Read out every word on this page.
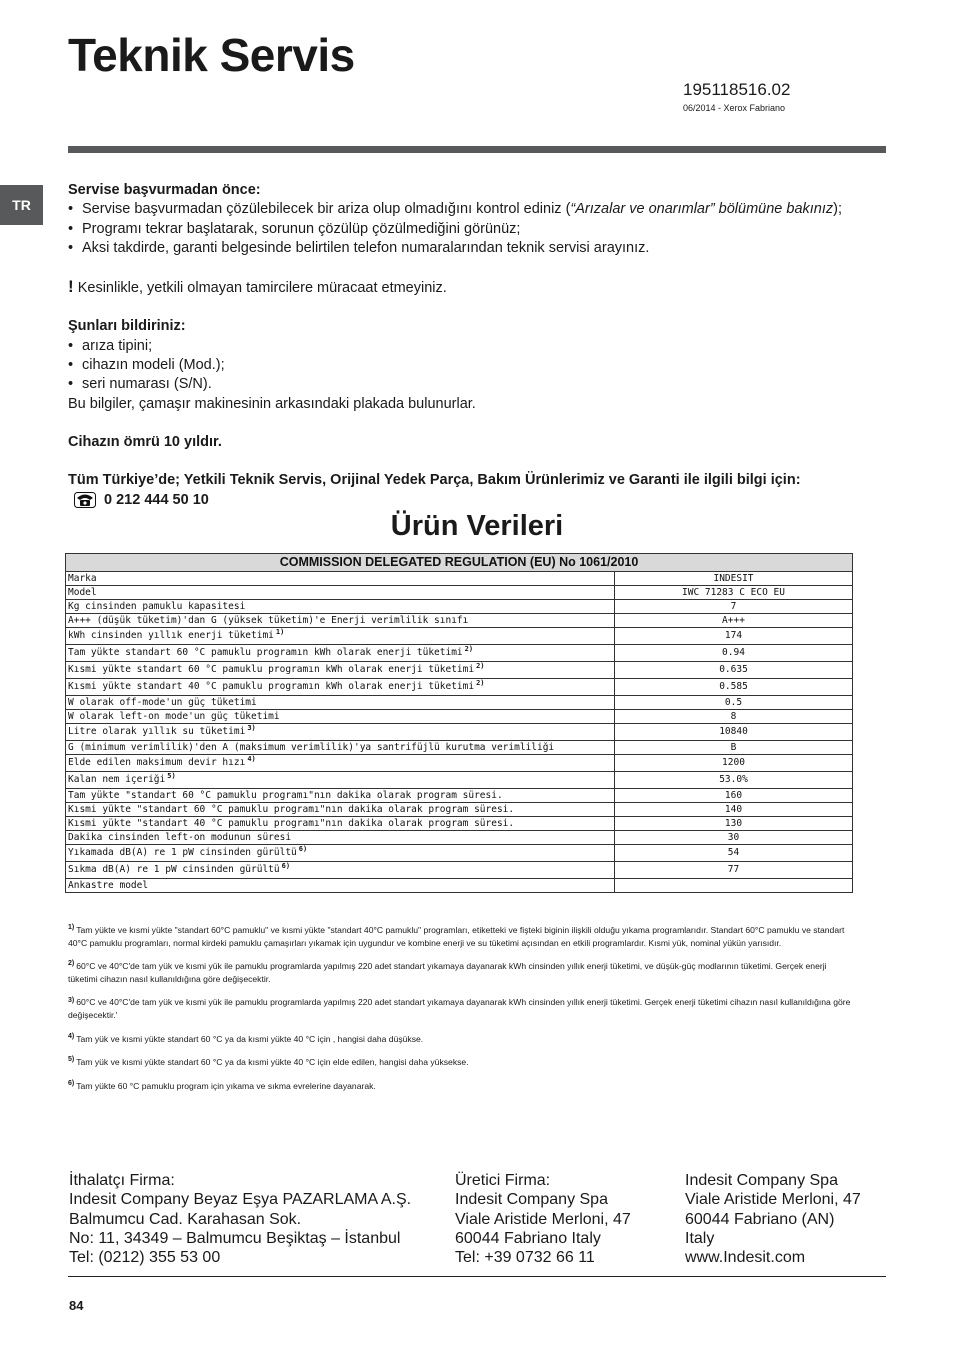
Teknik Servis
195118516.02
06/2014 - Xerox Fabriano
TR

Servise başvurmadan önce:

• Servise başvurmadan çözülebilecek bir ariza olup olmadığını kontrol ediniz (“Arızalar ve onarımlar” bölümüne bakınız);
• Programı tekrar başlatarak, sorunun çözülüp çözülmediğini görünüz;
• Aksi takdirde, garanti belgesinde belirtilen telefon numaralarından teknik servisi arayınız.

! Kesinlikle, yetkili olmayan tamircilere müracaat etmeyiniz.

Şunları bildiriniz:

• arıza tipini;
• cihazın modeli (Mod.);
• seri numarası (S/N).

Bu bilgiler, çamaşır makinesinin arkasındaki plakada bulunurlar.

Cihazın ömrü 10 yıldır.

Tüm Türkiye’de; Yetkili Teknik Servis, Orijinal Yedek Parça, Bakım Ürünlerimiz ve Garanti ile ilgili bilgi için:

0 212 444 50 10
Ürün Verileri
COMMISSION DELEGATED REGULATION (EU) No 1061/2010	
Marka	INDESIT
Model	IWC 71283 C ECO EU
Kg cinsinden pamuklu kapasitesi	7
A+++ (düşük tüketim)'dan G (yüksek tüketim)'e Enerji verimlilik sınıfı	A+++
kWh cinsinden yıllık enerji tüketimi $^{1)}$	174
Tam yükte standart 60 °C pamuklu programın kWh olarak enerji tüketimi $^{2)}$	0.94
Kısmi yükte standart 60 °C pamuklu programın kWh olarak enerji tüketimi $^{2)}$	0.635
Kısmi yükte standart 40 °C pamuklu programın kWh olarak enerji tüketimi $^{2)}$	0.585
W olarak off-mode'un güç tüketimi	0.5
W olarak left-on mode'un güç tüketimi	8
Litre olarak yıllık su tüketimi $^{3)}$	10840
G (minimum verimlilik)'den A (maksimum verimlilik)'ya santrifüjlü kurutma verimliliği	B
Elde edilen maksimum devir hızı $^{4)}$	1200
Kalan nem içeriği $^{5)}$	53.0%
Tam yükte "standart 60 °C pamuklu programı"nın dakika olarak program süresi.	160
Kısmi yükte "standart 60 °C pamuklu programı"nın dakika olarak program süresi.	140
Kısmi yükte "standart 40 °C pamuklu programı"nın dakika olarak program süresi.	130
Dakika cinsinden left-on modunun süresi	30
Yıkamada dB(A) re 1 pW cinsinden gürültü $^{6)}$	54
Sıkma dB(A) re 1 pW cinsinden gürültü $^{6)}$	77
Ankastre model	

$^{1)}$ Tam yükte ve kısmi yükte "standart 60°C pamuklu" ve kısmi yükte "standart 40°C pamuklu" programları, etiketteki ve fişteki biginin ilişkili olduğu yıkama programlarıdır. Standart 60°C pamuklu ve standart 40°C pamuklu programları, normal kirdeki pamuklu çamaşırları yıkamak için uygundur ve kombine enerji ve su tüketimi açısından en etkili programlardır. Kısmi yük, nominal yükün yarısıdır.

$^{2)}$ 60°C ve 40°C'de tam yük ve kısmi yük ile pamuklu programlarda yapılmış 220 adet standart yıkamaya dayanarak kWh cinsinden yıllık enerji tüketimi, ve düşük-güç modlarının tüketimi. Gerçek enerji tüketimi cihazın nasıl kullanıldığına göre değişecektir.

$^{3)}$ 60°C ve 40°C'de tam yük ve kısmi yük ile pamuklu programlarda yapılmış 220 adet standart yıkamaya dayanarak kWh cinsinden yıllık enerji tüketimi. Gerçek enerji tüketimi cihazın nasıl kullanıldığına göre değişecektir.'

$^{4)}$ Tam yük ve kısmi yükte standart 60 °C ya da kısmi yükte 40 °C için , hangisi daha düşükse.

$^{5)}$ Tam yük ve kısmi yükte standart 60 °C ya da kısmi yükte 40 °C için elde edilen, hangisi daha yüksekse.

$^{6)}$ Tam yükte 60 °C pamuklu program için yıkama ve sıkma evrelerine dayanarak.

İthalatçı Firma:

Indesit Company Beyaz Eşya PAZARLAMA A.Ş.

Balmumcu Cad. Karahasan Sok.

No: 11, 34349 – Balmumcu Beşiktaş – İstanbul

Tel: (0212) 355 53 00

Üretici Firma:

Indesit Company Spa

Viale Aristide Merloni, 47

60044 Fabriano Italy

Tel: +39 0732 66 11

Indesit Company Spa

Viale Aristide Merloni, 47

60044 Fabriano (AN)

Italy

www.Indesit.com

84
